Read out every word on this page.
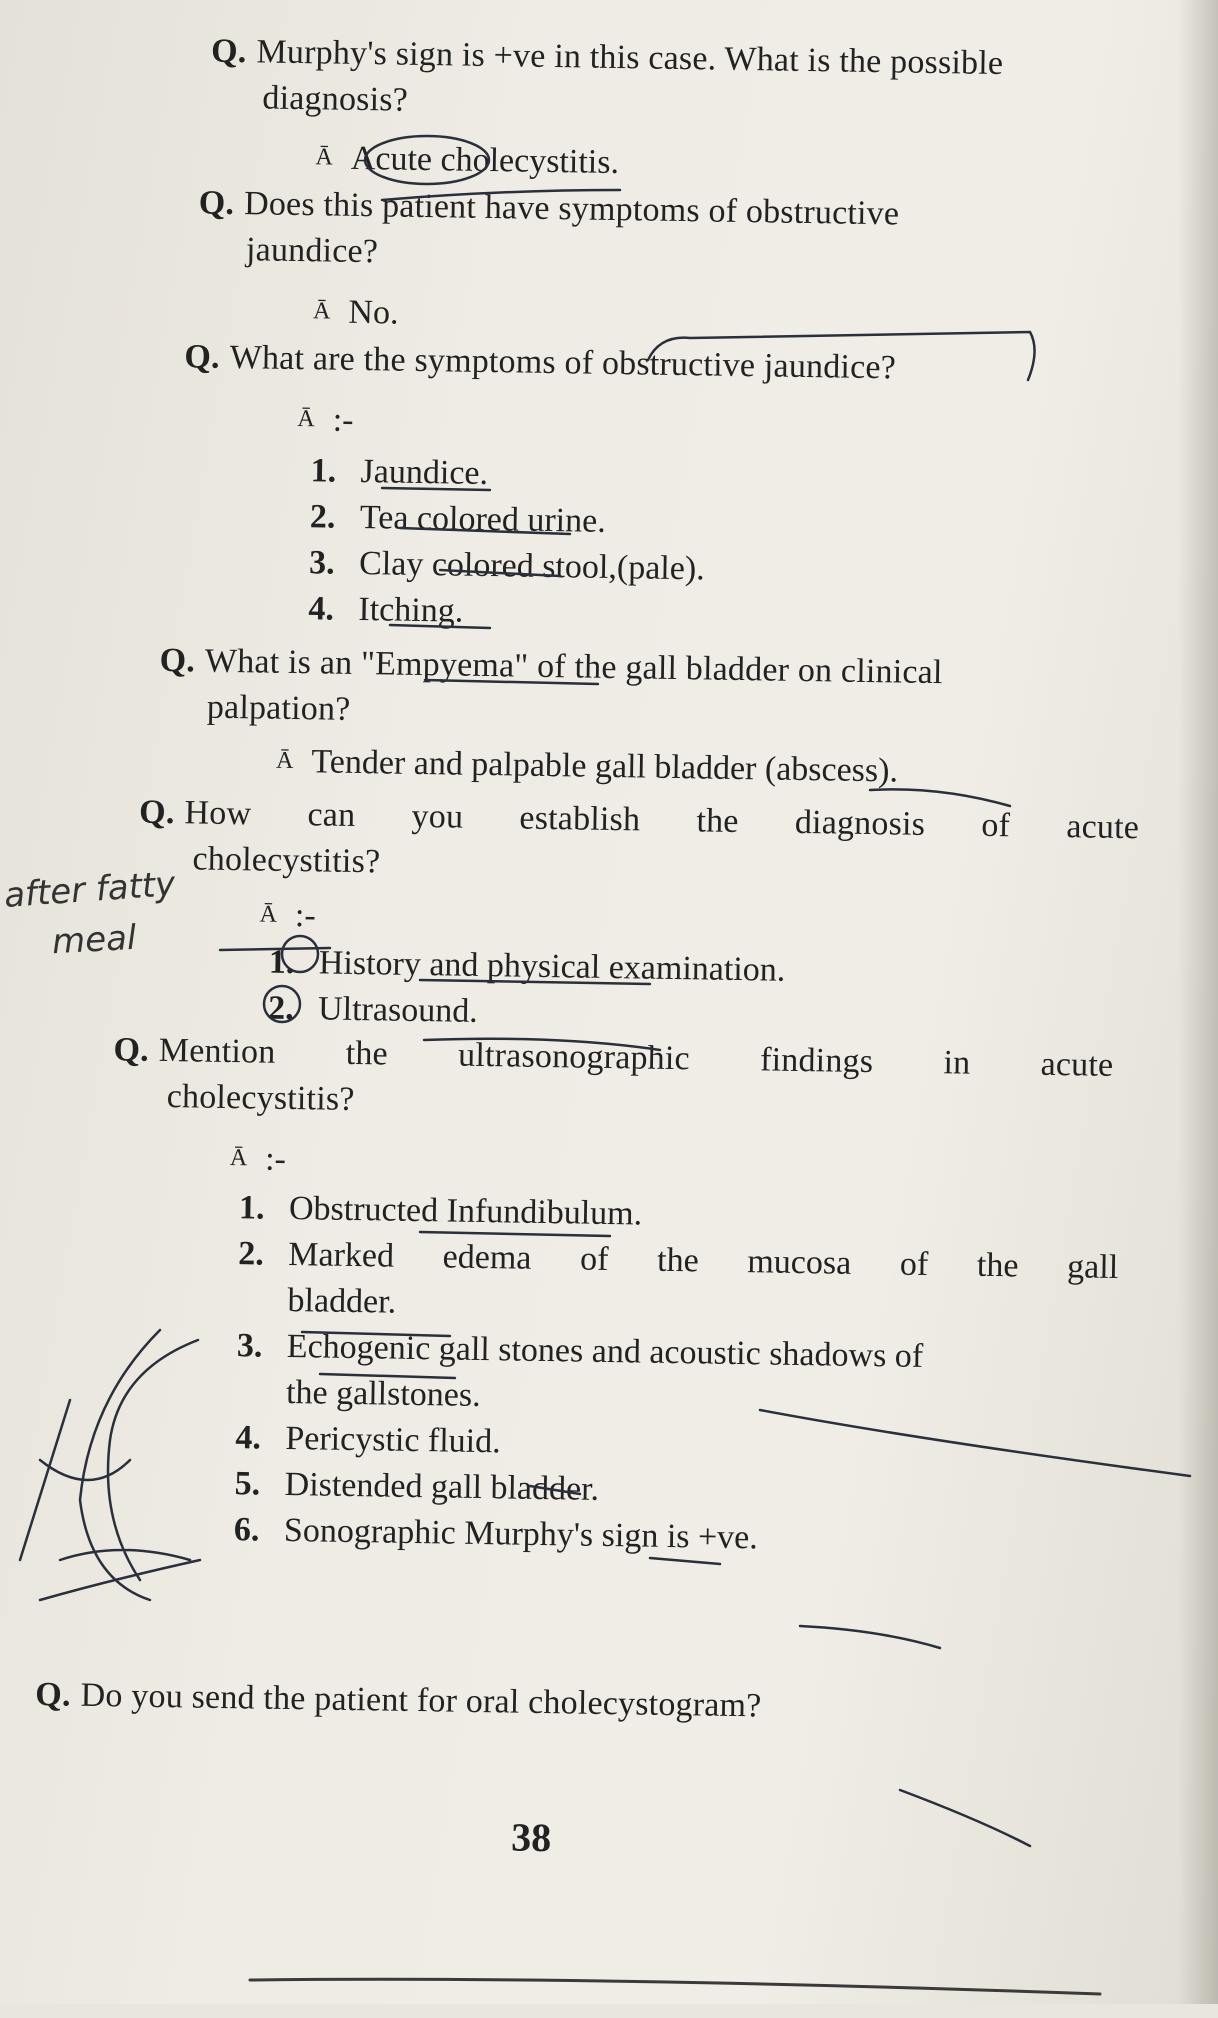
Q. Murphy's sign is +ve in this case. What is the possible
diagnosis?
Ā Acute cholecystitis.
Q. Does this patient have symptoms of obstructive
jaundice?
Ā No.
Q. What are the symptoms of obstructive jaundice?
Ā :-
1. Jaundice.
2. Tea colored urine.
3. Clay colored stool,(pale).
4. Itching.
Q. What is an "Empyema" of the gall bladder on clinical
palpation?
Ā Tender and palpable gall bladder (abscess).
Q. How can you establish the diagnosis of acute
cholecystitis?
Ā :-
1. History and physical examination.
2. Ultrasound.
Q. Mention the ultrasonographic findings in acute
cholecystitis?
Ā :-
1. Obstructed Infundibulum.
2. Marked edema of the mucosa of the gall
bladder.
3. Echogenic gall stones and acoustic shadows of
the gallstones.
4. Pericystic fluid.
5. Distended gall bladder.
6. Sonographic Murphy's sign is +ve.
Q. Do you send the patient for oral cholecystogram?
38
after fatty
meal
